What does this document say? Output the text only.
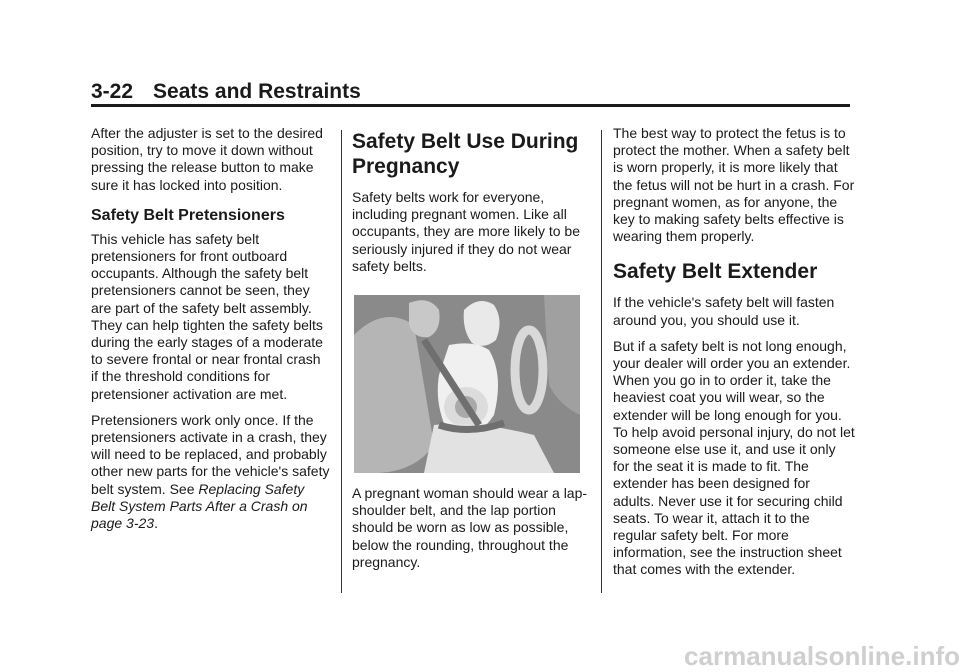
3-22 Seats and Restraints

After the adjuster is set to the desired position, try to move it down without pressing the release button to make sure it has locked into position.

Safety Belt Pretensioners

This vehicle has safety belt pretensioners for front outboard occupants. Although the safety belt pretensioners cannot be seen, they are part of the safety belt assembly. They can help tighten the safety belts during the early stages of a moderate to severe frontal or near frontal crash if the threshold conditions for pretensioner activation are met.

Pretensioners work only once. If the pretensioners activate in a crash, they will need to be replaced, and probably other new parts for the vehicle's safety belt system. See Replacing Safety Belt System Parts After a Crash on page 3-23.

Safety Belt Use During Pregnancy

Safety belts work for everyone, including pregnant women. Like all occupants, they are more likely to be seriously injured if they do not wear safety belts.

A pregnant woman should wear a lap-shoulder belt, and the lap portion should be worn as low as possible, below the rounding, throughout the pregnancy.

The best way to protect the fetus is to protect the mother. When a safety belt is worn properly, it is more likely that the fetus will not be hurt in a crash. For pregnant women, as for anyone, the key to making safety belts effective is wearing them properly.

Safety Belt Extender

If the vehicle's safety belt will fasten around you, you should use it.

But if a safety belt is not long enough, your dealer will order you an extender. When you go in to order it, take the heaviest coat you will wear, so the extender will be long enough for you. To help avoid personal injury, do not let someone else use it, and use it only for the seat it is made to fit. The extender has been designed for adults. Never use it for securing child seats. To wear it, attach it to the regular safety belt. For more information, see the instruction sheet that comes with the extender.

carmanualsonline.info
